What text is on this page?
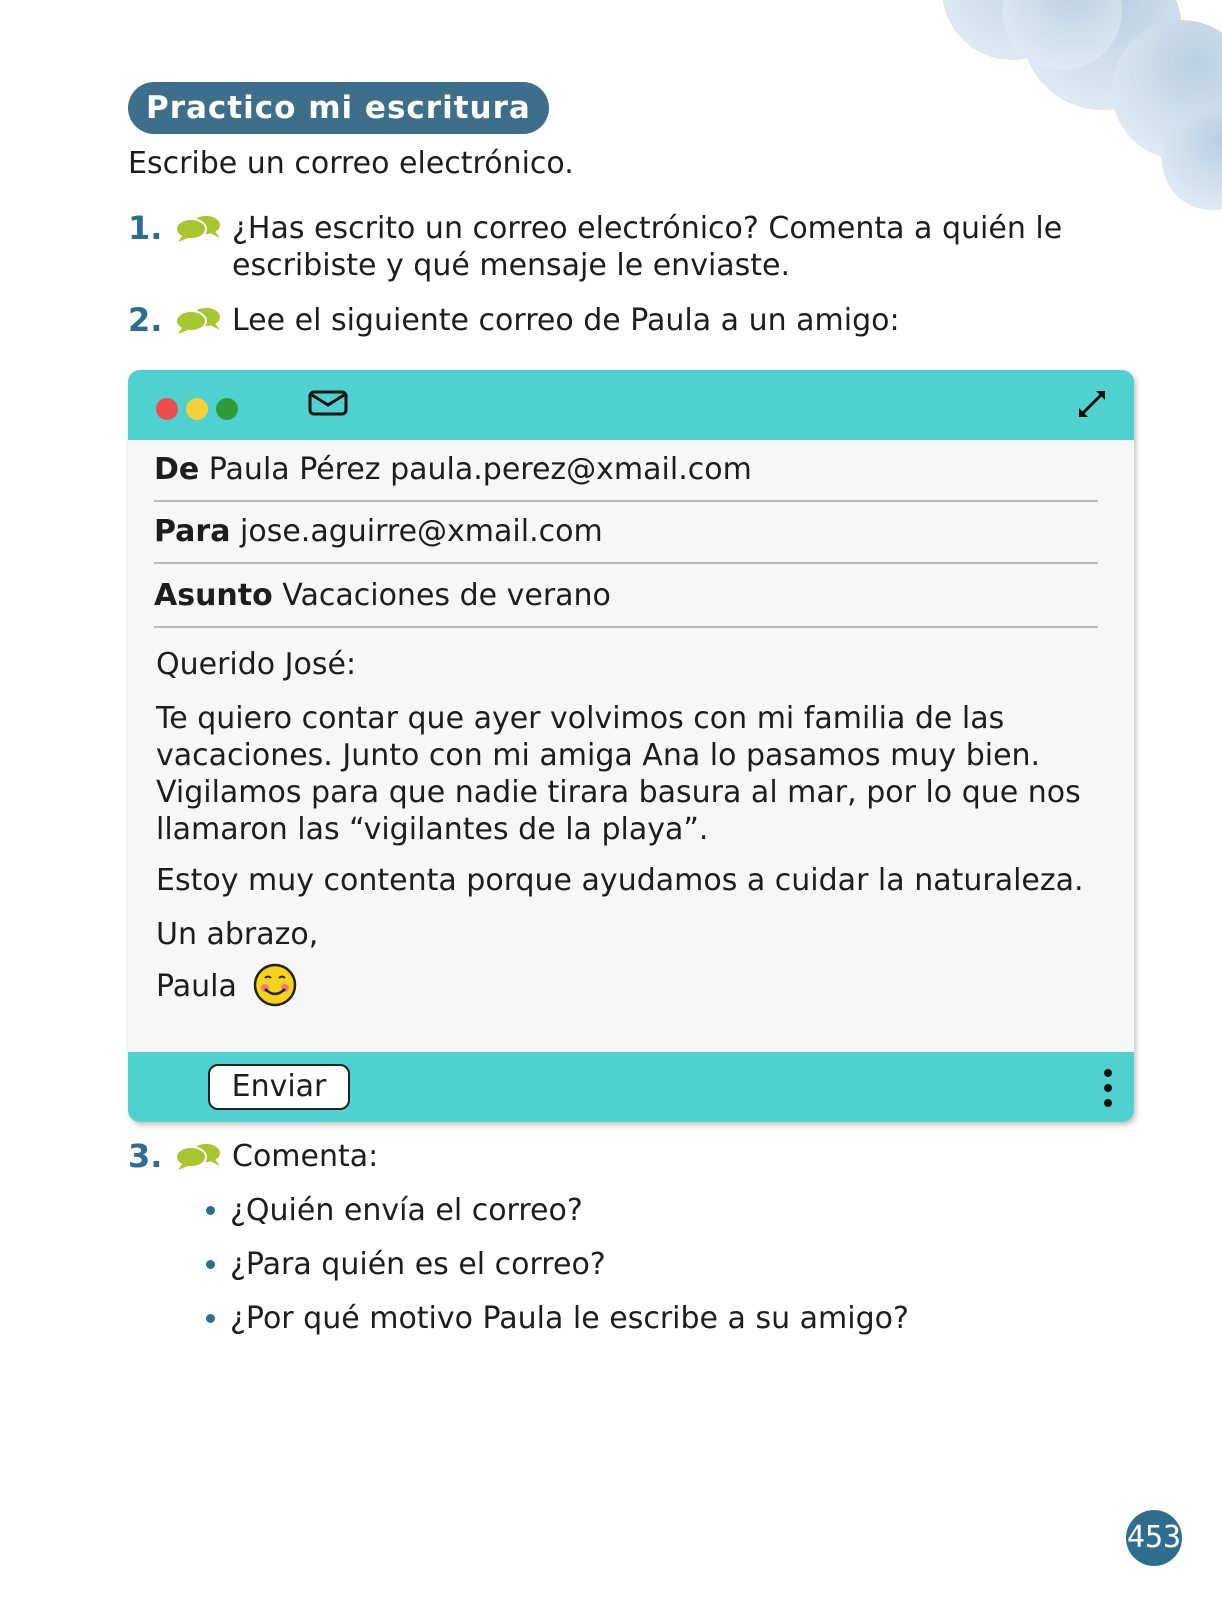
Practico mi escritura
Escribe un correo electrónico.
1. ¿Has escrito un correo electrónico? Comenta a quién le escribiste y qué mensaje le enviaste.
2. Lee el siguiente correo de Paula a un amigo:
De Paula Pérez paula.perez@xmail.com
Para jose.aguirre@xmail.com
Asunto Vacaciones de verano
Querido José:
Te quiero contar que ayer volvimos con mi familia de las vacaciones. Junto con mi amiga Ana lo pasamos muy bien. Vigilamos para que nadie tirara basura al mar, por lo que nos llamaron las “vigilantes de la playa”.
Estoy muy contenta porque ayudamos a cuidar la naturaleza.
Un abrazo,
Paula
Enviar
3. Comenta:
¿Quién envía el correo?
¿Para quién es el correo?
¿Por qué motivo Paula le escribe a su amigo?
453
